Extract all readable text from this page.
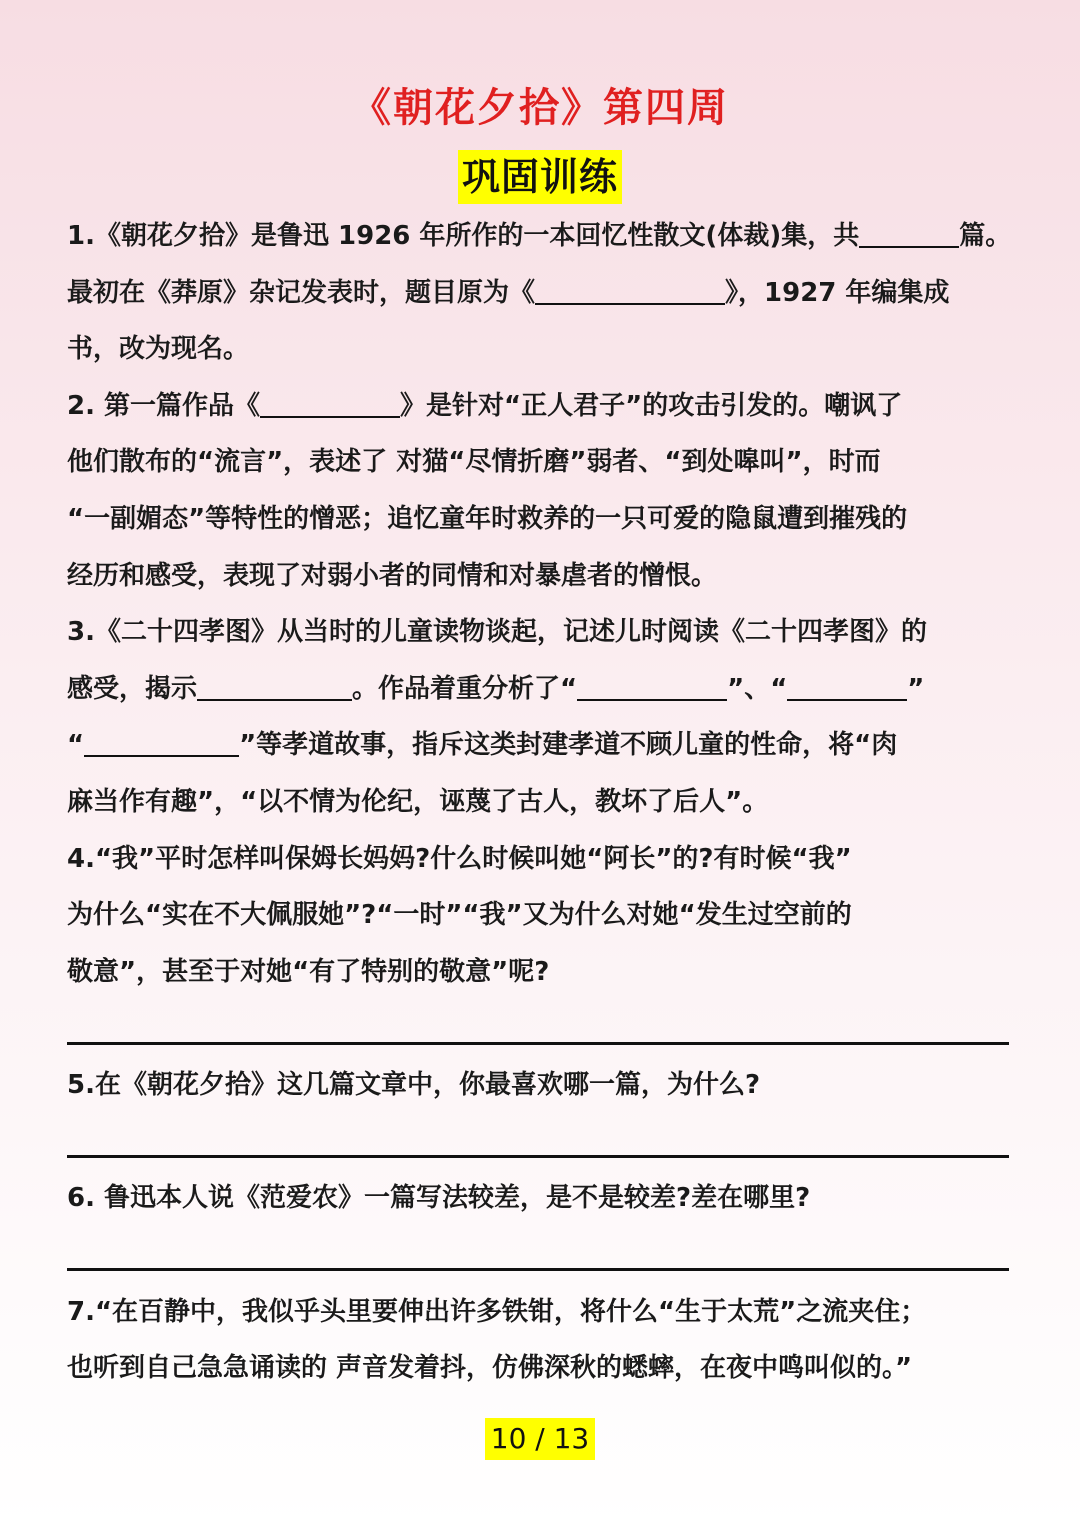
《朝花夕拾》第四周
巩固训练
1.《朝花夕拾》是鲁迅 1926 年所作的一本回忆性散文(体裁)集，共	篇。
最初在《莽原》杂记发表时，题目原为《	》，1927 年编集成
书，改为现名。
2. 第一篇作品《	》是针对“正人君子”的攻击引发的。嘲讽了
他们散布的“流言”，表述了 对猫“尽情折磨”弱者、“到处嗥叫”，时而
“一副媚态”等特性的憎恶；追忆童年时救养的一只可爱的隐鼠遭到摧残的
经历和感受，表现了对弱小者的同情和对暴虐者的憎恨。
3.《二十四孝图》从当时的儿童读物谈起，记述儿时阅读《二十四孝图》的
感受，揭示	。作品着重分析了“	”、“	”
“	”等孝道故事，指斥这类封建孝道不顾儿童的性命，将“肉
麻当作有趣”，“以不情为伦纪，诬蔑了古人，教坏了后人”。
4.“我”平时怎样叫保姆长妈妈?什么时候叫她“阿长”的?有时候“我”
为什么“实在不大佩服她”?“一时”“我”又为什么对她“发生过空前的
敬意”，甚至于对她“有了特别的敬意”呢?
5.在《朝花夕拾》这几篇文章中，你最喜欢哪一篇，为什么?
6. 鲁迅本人说《范爱农》一篇写法较差，是不是较差?差在哪里?
7.“在百静中，我似乎头里要伸出许多铁钳，将什么“生于太荒”之流夹住；
也听到自己急急诵读的 声音发着抖，仿佛深秋的蟋蟀，在夜中鸣叫似的。”
10 / 13
